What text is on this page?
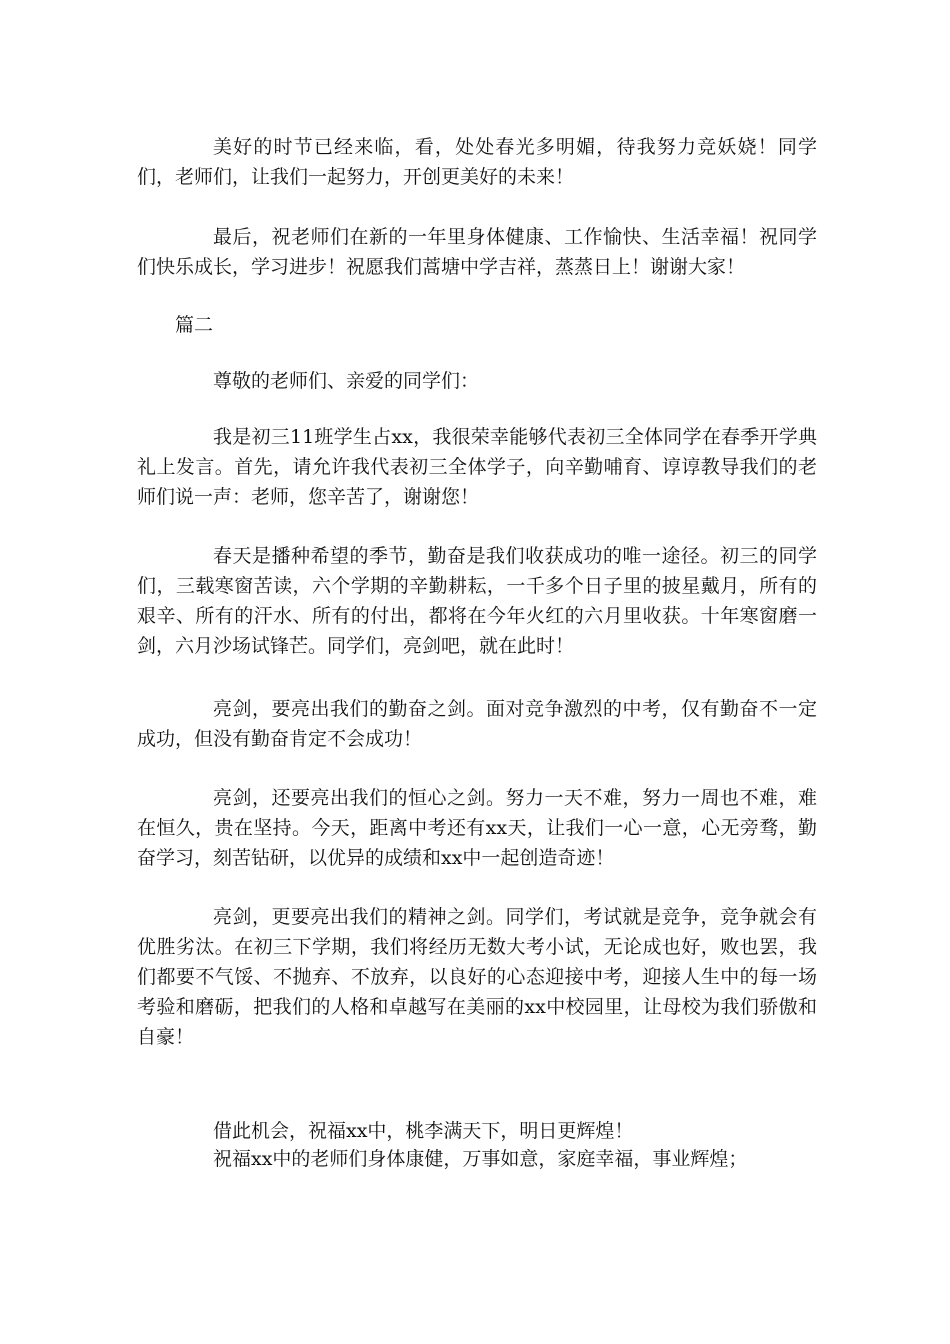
美好的时节已经来临，看，处处春光多明媚，待我努力竞妖娆！同学们，老师们，让我们一起努力，开创更美好的未来！

最后，祝老师们在新的一年里身体健康、工作愉快、生活幸福！祝同学们快乐成长，学习进步！祝愿我们蒿塘中学吉祥，蒸蒸日上！谢谢大家！

篇二

尊敬的老师们、亲爱的同学们：

我是初三11班学生占xx，我很荣幸能够代表初三全体同学在春季开学典礼上发言。首先，请允许我代表初三全体学子，向辛勤哺育、谆谆教导我们的老师们说一声：老师，您辛苦了，谢谢您！

春天是播种希望的季节，勤奋是我们收获成功的唯一途径。初三的同学们，三载寒窗苦读，六个学期的辛勤耕耘，一千多个日子里的披星戴月，所有的艰辛、所有的汗水、所有的付出，都将在今年火红的六月里收获。十年寒窗磨一剑，六月沙场试锋芒。同学们，亮剑吧，就在此时！

亮剑，要亮出我们的勤奋之剑。面对竞争激烈的中考，仅有勤奋不一定成功，但没有勤奋肯定不会成功！

亮剑，还要亮出我们的恒心之剑。努力一天不难，努力一周也不难，难在恒久，贵在坚持。今天，距离中考还有xx天，让我们一心一意，心无旁骛，勤奋学习，刻苦钻研，以优异的成绩和xx中一起创造奇迹！

亮剑，更要亮出我们的精神之剑。同学们，考试就是竞争，竞争就会有优胜劣汰。在初三下学期，我们将经历无数大考小试，无论成也好，败也罢，我们都要不气馁、不抛弃、不放弃，以良好的心态迎接中考，迎接人生中的每一场考验和磨砺，把我们的人格和卓越写在美丽的xx中校园里，让母校为我们骄傲和自豪！

借此机会，祝福xx中，桃李满天下，明日更辉煌！

祝福xx中的老师们身体康健，万事如意，家庭幸福，事业辉煌；
